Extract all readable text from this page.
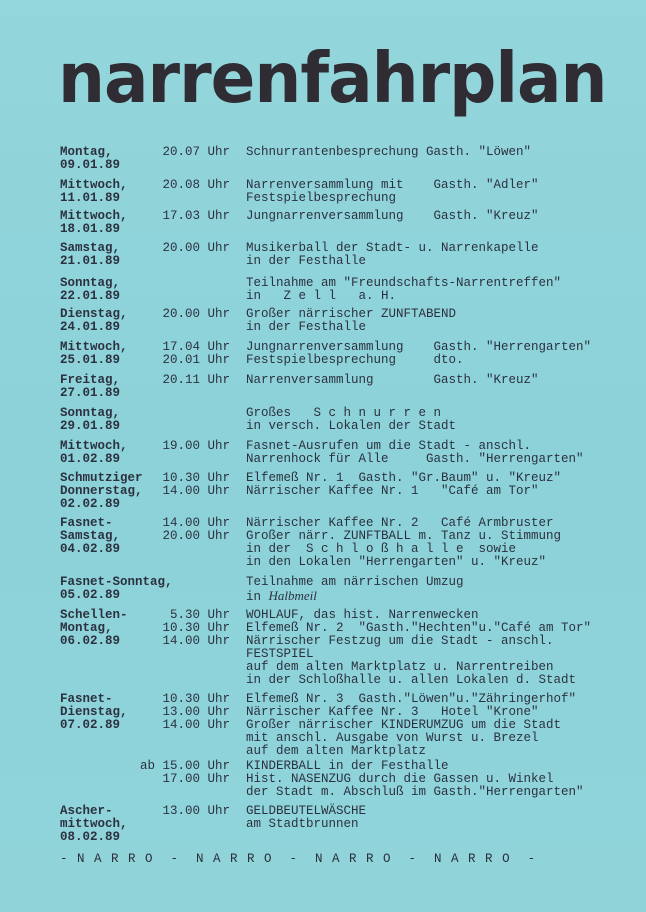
narrenfahrplan
Montag,
09.01.89
20.07 Uhr Schnurrantenbesprechung Gasth. "Löwen"
Mittwoch,
11.01.89
20.08 Uhr Narrenversammlung mit    Gasth. "Adler"
Festspielbesprechung
Mittwoch,
18.01.89
17.03 Uhr Jungnarrenversammlung    Gasth. "Kreuz"
Samstag,
21.01.89
20.00 Uhr Musikerball der Stadt- u. Narrenkapelle
in der Festhalle
Sonntag,
22.01.89
Teilnahme am "Freundschafts-Narrentreffen"
in   Z e l l   a. H.
Dienstag,
24.01.89
20.00 Uhr Großer närrischer ZUNFTABEND
in der Festhalle
Mittwoch,
25.01.89
17.04 Uhr
20.01 Uhr
Jungnarrenversammlung    Gasth. "Herrengarten"
Festspielbesprechung     dto.
Freitag,
27.01.89
20.11 Uhr Narrenversammlung        Gasth. "Kreuz"
Sonntag,
29.01.89
Großes   S c h n u r r e n
in versch. Lokalen der Stadt
Mittwoch,
01.02.89
19.00 Uhr Fasnet-Ausrufen um die Stadt - anschl.
Narrenhock für Alle     Gasth. "Herrengarten"
Schmutziger
Donnerstag,
02.02.89
10.30 Uhr
14.00 Uhr
Elfemeß Nr. 1  Gasth. "Gr.Baum" u. "Kreuz"
Närrischer Kaffee Nr. 1   "Café am Tor"
Fasnet-
Samstag,
04.02.89
14.00 Uhr
20.00 Uhr
Närrischer Kaffee Nr. 2   Café Armbruster
Großer närr. ZUNFTBALL m. Tanz u. Stimmung
in der  S c h l o ß h a l l e  sowie
in den Lokalen "Herrengarten" u. "Kreuz"
Fasnet-Sonntag,
05.02.89
Teilnahme am närrischen Umzug
in Halbmeil
Schellen-
Montag,
06.02.89
5.30 Uhr
10.30 Uhr
14.00 Uhr
WOHLAUF, das hist. Narrenwecken
Elfemeß Nr. 2  "Gasth."Hechten"u."Café am Tor"
Närrischer Festzug um die Stadt - anschl.
FESTSPIEL
auf dem alten Marktplatz u. Narrentreiben
in der Schloßhalle u. allen Lokalen d. Stadt
Fasnet-
Dienstag,
07.02.89
10.30 Uhr
13.00 Uhr
14.00 Uhr
Elfemeß Nr. 3  Gasth."Löwen"u."Zähringerhof"
Närrischer Kaffee Nr. 3   Hotel "Krone"
Großer närrischer KINDERUMZUG um die Stadt
mit anschl. Ausgabe von Wurst u. Brezel
auf dem alten Marktplatz
ab 15.00 Uhr
17.00 Uhr
KINDERBALL in der Festhalle
Hist. NASENZUG durch die Gassen u. Winkel
der Stadt m. Abschluß im Gasth."Herrengarten"
Ascher-
mittwoch,
08.02.89
13.00 Uhr GELDBEUTELWÄSCHE
am Stadtbrunnen
- N A R R O  -  N A R R O  -  N A R R O  -  N A R R O  -
